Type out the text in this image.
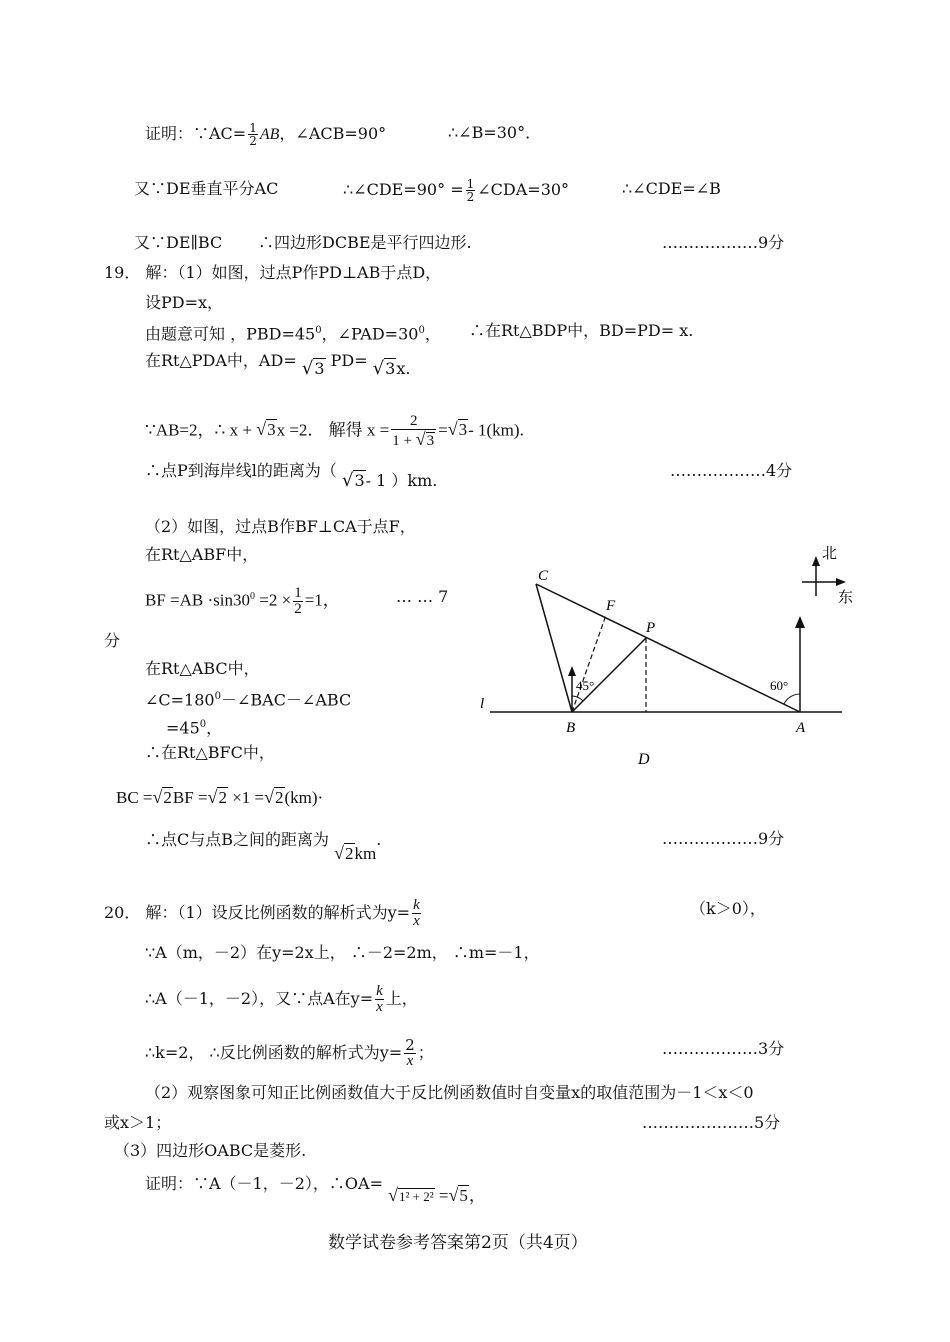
证明：∵AC= $\frac{1}{2}$ AB，∠ACB=90°	∴∠B=30°．
又∵DE垂直平分AC	∴∠CDE=90° = $\frac{1}{2}$ ∠CDA=30°	∴∠CDE=∠B
又∵DE∥BC ∴四边形DCBE是平行四边形.	………………9分
19． 解：（1）如图，过点P作PD⊥AB于点D，
设PD=x，
由题意可知 ，$PBD=45^0$，$\angle PAD=30^0$， ∴在Rt△BDP中，BD=PD= x.
在Rt△PDA中，AD= √3 PD= √3x.
∵AB=2，∴ x + √3x =2． 解得 $x = \frac{2}{1 + √3} =√3-$ 1(km).
∴点P到海岸线l的距离为（ √3- 1 ）km.
………………4分
（2）如图，过点B作BF⊥CA于点F，
在Rt△ABF中，
BF $=AB \cdot\sin 30^0 =2 \times \frac{1}{2} =1$，	… … 7
分
在Rt△ABC中，
$\angle C=180^0-\angle BAC-\angle ABC$
$=45^0$，
∴在Rt△BFC中，
BC =√2BF =√2 ×1 =√2(km)·
∴点C与点B之间的距离为 √2km.	………………9分
北
东
C
F
P
B	A
D
l
45°	60°
20． 解：（1）设反比例函数的解析式为$y= \frac{k}{x}$	（k＞0），
∵A（m，－2）在y=2x上， ∴－2=2m， ∴m=－1，
∴A（－1，－2），又∵点A在$y= \frac{k}{x}$ 上，
∴k=2， ∴反比例函数的解析式为$y= \frac{2}{x}$ ；	………………3分
（2）观察图象可知正比例函数值大于反比例函数值时自变量x的取值范围为－1＜x＜0
或x＞1；	…………………5分
（3）四边形OABC是菱形.
证明：∵A（－1，－2），∴OA= √1² + 2² =√5，
数学试卷参考答案第2页（共4页）
